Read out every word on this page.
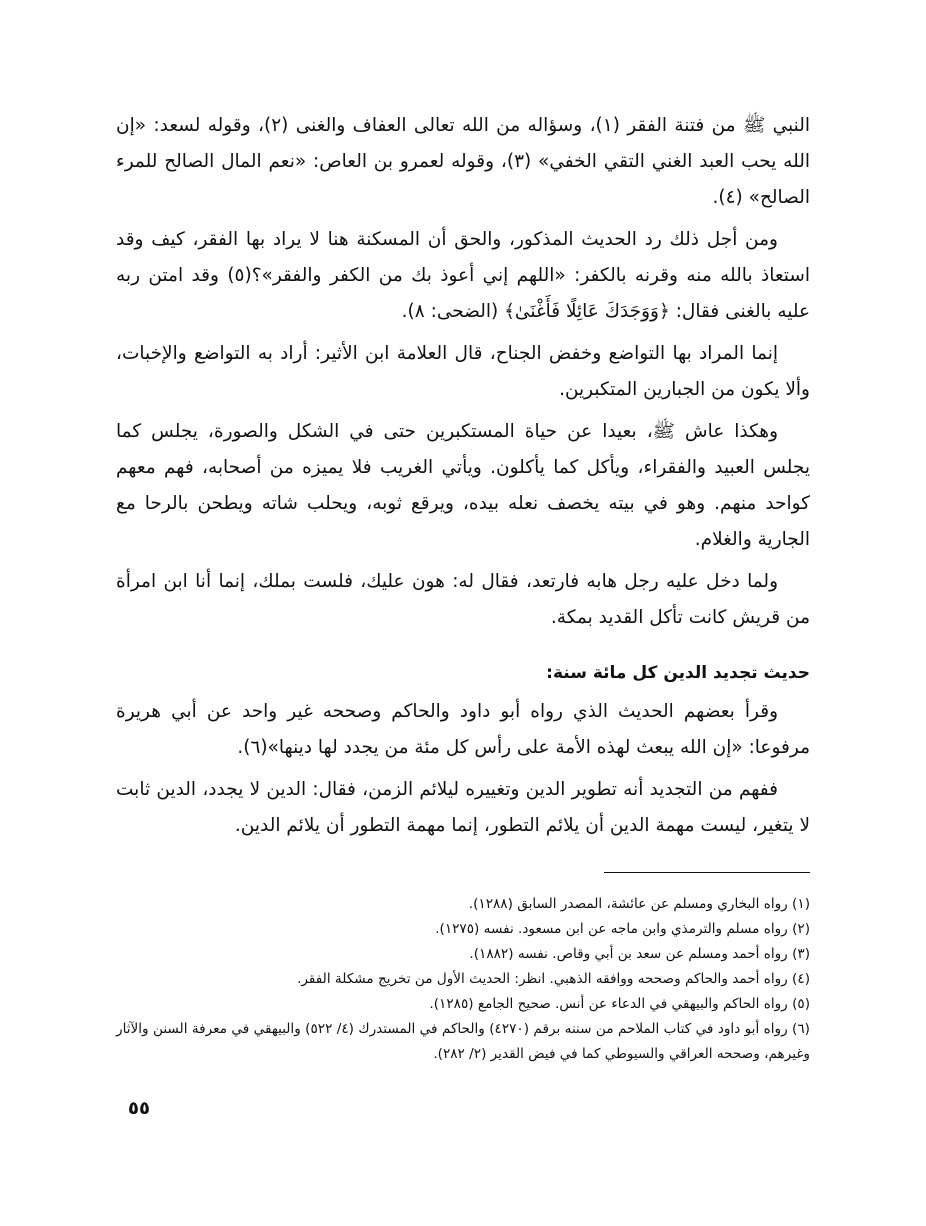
النبي ﷺ من فتنة الفقر (١)، وسؤاله من الله تعالى العفاف والغنى (٢)، وقوله لسعد: «إن الله يحب العبد الغني التقي الخفي» (٣)، وقوله لعمرو بن العاص: «نعم المال الصالح للمرء الصالح» (٤).

ومن أجل ذلك رد الحديث المذكور، والحق أن المسكنة هنا لا يراد بها الفقر، كيف وقد استعاذ بالله منه وقرنه بالكفر: «اللهم إني أعوذ بك من الكفر والفقر»؟(٥) وقد امتن ربه عليه بالغنى فقال: ﴿وَوَجَدَكَ عَائِلًا فَأَغْنَىٰ﴾ (الضحى: ٨).

إنما المراد بها التواضع وخفض الجناح، قال العلامة ابن الأثير: أراد به التواضع والإخبات، وألا يكون من الجبارين المتكبرين.

وهكذا عاش ﷺ، بعيدا عن حياة المستكبرين حتى في الشكل والصورة، يجلس كما يجلس العبيد والفقراء، ويأكل كما يأكلون. ويأتي الغريب فلا يميزه من أصحابه، فهم معهم كواحد منهم. وهو في بيته يخصف نعله بيده، ويرقع ثوبه، ويحلب شاته ويطحن بالرحا مع الجارية والغلام.

ولما دخل عليه رجل هابه فارتعد، فقال له: هون عليك، فلست بملك، إنما أنا ابن امرأة من قريش كانت تأكل القديد بمكة.

حديث تجديد الدين كل مائة سنة:

وقرأ بعضهم الحديث الذي رواه أبو داود والحاكم وصححه غير واحد عن أبي هريرة مرفوعا: «إن الله يبعث لهذه الأمة على رأس كل مئة من يجدد لها دينها»(٦).

ففهم من التجديد أنه تطوير الدين وتغييره ليلائم الزمن، فقال: الدين لا يجدد، الدين ثابت لا يتغير، ليست مهمة الدين أن يلائم التطور، إنما مهمة التطور أن يلائم الدين.

(١) رواه البخاري ومسلم عن عائشة، المصدر السابق (١٢٨٨).
(٢) رواه مسلم والترمذي وابن ماجه عن ابن مسعود. نفسه (١٢٧٥).
(٣) رواه أحمد ومسلم عن سعد بن أبي وقاص. نفسه (١٨٨٢).
(٤) رواه أحمد والحاكم وصححه ووافقه الذهبي. انظر: الحديث الأول من تخريج مشكلة الفقر.
(٥) رواه الحاكم والبيهقي في الدعاء عن أنس. صحيح الجامع (١٢٨٥).
(٦) رواه أبو داود في كتاب الملاحم من سننه برقم (٤٢٧٠) والحاكم في المستدرك (٤/ ٥٢٢) والبيهقي في معرفة السنن والآثار وغيرهم، وصححه العراقي والسيوطي كما في فيض القدير (٢/ ٢٨٢).
٥٥
